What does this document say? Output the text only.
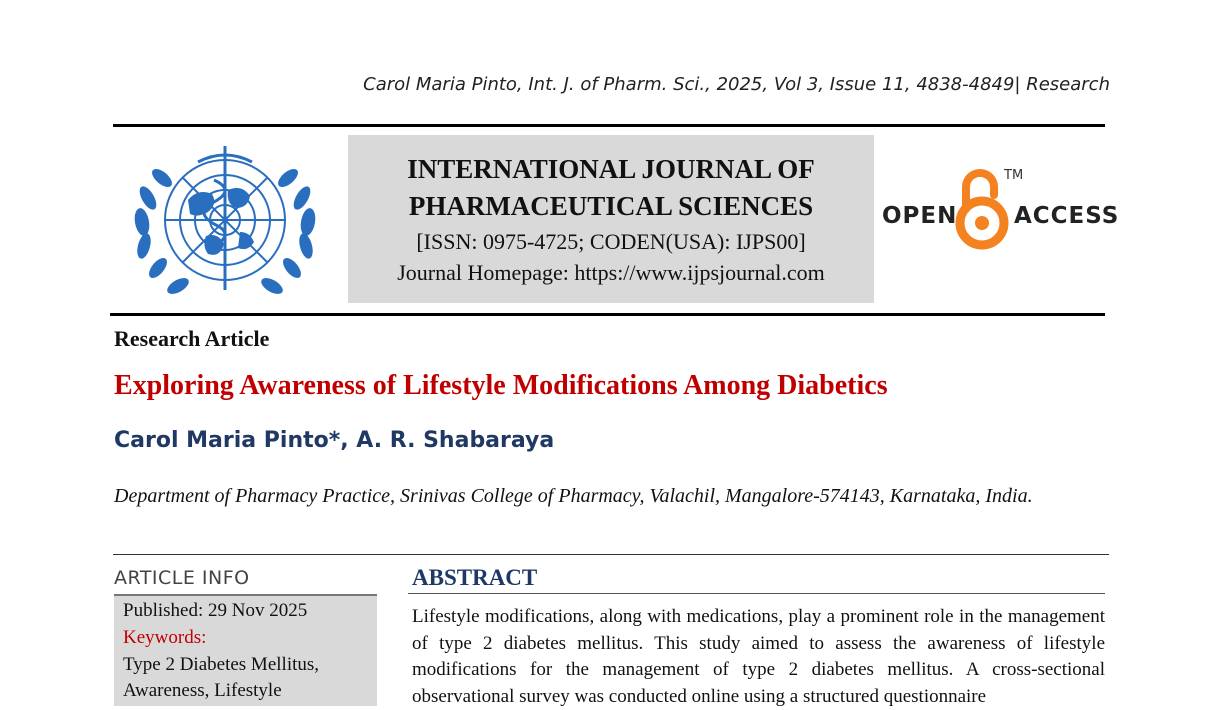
Carol Maria Pinto, Int. J. of Pharm. Sci., 2025, Vol 3, Issue 11, 4838-4849| Research
INTERNATIONAL JOURNAL OF
PHARMACEUTICAL SCIENCES
[ISSN: 0975-4725; CODEN(USA): IJPS00]
Journal Homepage: https://www.ijpsjournal.com
OPEN
TM
ACCESS
Research Article
Exploring Awareness of Lifestyle Modifications Among Diabetics
Carol Maria Pinto*, A. R. Shabaraya
Department of Pharmacy Practice, Srinivas College of Pharmacy, Valachil, Mangalore-574143, Karnataka, India.
ARTICLE INFO
Published: 29 Nov 2025
Keywords:
Type 2 Diabetes Mellitus,
Awareness, Lifestyle
ABSTRACT
Lifestyle modifications, along with medications, play a prominent role in the management of type 2 diabetes mellitus. This study aimed to assess the awareness of lifestyle modifications for the management of type 2 diabetes mellitus. A cross-sectional observational survey was conducted online using a structured questionnaire
